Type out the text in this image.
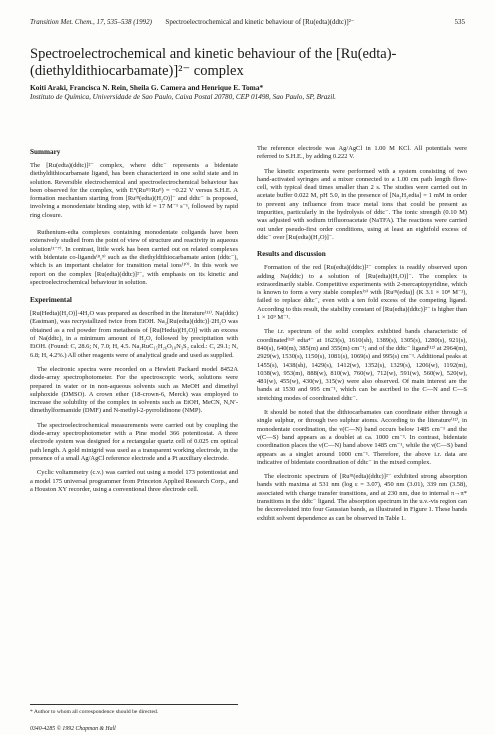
Transition Met. Chem., 17, 535–538 (1992) Spectroelectrochemical and kinetic behaviour of [Ru(edta)(ddtc)]²⁻	535
Spectroelectrochemical and kinetic behaviour of the [Ru(edta)-(diethyldithiocarbamate)]²⁻ complex
Koiti Araki, Francisca N. Rein, Sheila G. Camera and Henrique E. Toma*
Instituto de Química, Universidade de Sao Paulo, Caixa Postal 20780, CEP 01498, Sao Paulo, SP, Brazil.
Summary

The [Ru(edta)(ddtc)]²⁻ complex, where ddtc⁻ represents a bidentate diethyldithiocarbamate ligand, has been characterized in one solid state and in solution. Reversible electrochemical and spectroelectrochemical behaviour has been observed for the complex, with E°(Ruᴵᴵᴵ/Ruᴵᴵ) = −0.22 V versus S.H.E. A formation mechanism starting from [Ruᴵᴵᴵ(edta)(H₂O)]⁻ and ddtc⁻ is proposed, involving a monodentate binding step, with kf = 17 M⁻¹ s⁻¹, followed by rapid ring closure.

Ruthenium-edta complexes containing monodentate coligands have been extensively studied from the point of view of structure and reactivity in aqueous solution⁽¹⁻⁷⁾. In contrast, little work has been carried out on related complexes with bidentate co-ligands⁽⁸,⁹⁾ such as the diethyldithiocarbamate anion (ddtc⁻), which is an important chelator for transition metal ions⁽¹⁰⁾. In this work we report on the complex [Ru(edta)(ddtc)]²⁻, with emphasis on its kinetic and spectroelectrochemical behaviour in solution.

Experimental

[Ru(Hedta)(H₂O)]·4H₂O was prepared as described in the literature⁽¹¹⁾. Na(ddtc) (Eastman), was recrystallized twice from EtOH. Na₂[Ru(edta)(ddtc)]·2H₂O was obtained as a red powder from metathesis of [Ru(Hedta)(H₂O)] with an excess of Na(ddtc), in a minimum amount of H₂O, followed by precipitation with EtOH. (Found: C, 28.6; N, 7.0; H, 4.5. Na₂RuC₁₅H₂₆O₁₀N₃S₂ calcd.: C, 29.1; N, 6.8; H, 4.2%.) All other reagents were of analytical grade and used as supplied.

The electronic spectra were recorded on a Hewlett Packard model 8452A diode-array spectrophotometer. For the spectroscopic work, solutions were prepared in water or in non-aqueous solvents such as MeOH and dimethyl sulphoxide (DMSO). A crown ether (18-crown-6, Merck) was employed to increase the solubility of the complex in solvents such as EtOH, MeCN, N,N′-dimethylformamide (DMF) and N-methyl-2-pyrrolidinone (NMP).

The spectroelectrochemical measurements were carried out by coupling the diode-array spectrophotometer with a Pine model 366 potentiostat. A three electrode system was designed for a rectangular quartz cell of 0.025 cm optical path length. A gold minigrid was used as a transparent working electrode, in the presence of a small Ag/AgCl reference electrode and a Pt auxiliary electrode.

Cyclic voltammetry (c.v.) was carried out using a model 173 potentiostat and a model 175 universal programmer from Princeton Applied Research Corp., and a Houston XY recorder, using a conventional three electrode cell.

* Author to whom all correspondence should be directed.
0340-4285 © 1992 Chapman & Hall

The reference electrode was Ag/AgCl in 1.00 M KCl. All potentials were referred to S.H.E., by adding 0.222 V.

The kinetic experiments were performed with a system consisting of two hand-activated syringes and a mixer connected to a 1.00 cm path length flow-cell, with typical dead times smaller than 2 s. The studies were carried out in acetate buffer 0.022 M, pH 5.0, in the presence of [Na₂H₂edta] = 1 mM in order to prevent any influence from trace metal ions that could be present as impurities, particularly in the hydrolysis of ddtc⁻. The ionic strength (0.10 M) was adjusted with sodium trifluoroacetate (NaTFA). The reactions were carried out under pseudo-first order conditions, using at least an eightfold excess of ddtc⁻ over [Ru(edta)(H₂O)]⁻.

Results and discussion

Formation of the red [Ru(edta)(ddtc)]²⁻ complex is readily observed upon adding Na(ddtc) to a solution of [Ru(edta)(H₂O)]⁻. The complex is extraordinarily stable. Competitive experiments with 2-mercaptopyridine, which is known to form a very stable complex⁽⁹⁾ with [Ruᴵᴵᴵ(edta)] (K 3.1 × 10⁸ M⁻¹), failed to replace ddtc⁻, even with a ten fold excess of the competing ligand. According to this result, the stability constant of [Ru(edta)(ddtc)]²⁻ is higher than 1 × 10⁹ M⁻¹.

The i.r. spectrum of the solid complex exhibited bands characteristic of coordinated⁽¹²⁾ edta⁴⁻ at 1623(s), 1610(sh), 1389(s), 1305(s), 1280(s), 921(s), 840(s), 640(m), 385(m) and 355(m) cm⁻¹; and of the ddtc⁻ ligand⁽¹²⁾ at 2964(m), 2929(w), 1530(s), 1150(s), 1081(s), 1069(s) and 995(s) cm⁻¹. Additional peaks at 1455(s), 1438(sh), 1429(s), 1412(w), 1352(s), 1329(s), 1206(w), 1192(m), 1038(w), 953(m), 888(w), 810(w), 760(w), 712(w), 591(w), 560(w), 520(w), 481(w), 455(w), 430(w), 315(w) were also observed. Of main interest are the bands at 1530 and 995 cm⁻¹, which can be ascribed to the C—N and C—S stretching modes of coordinated ddtc⁻.

It should be noted that the dithiocarbamates can coordinate either through a single sulphur, or through two sulphur atoms. According to the literature⁽¹²⁾, in monodentate coordination, the ν(C—N) band occurs below 1485 cm⁻¹ and the ν(C—S) band appears as a doublet at ca. 1000 cm⁻¹. In contrast, bidentate coordination places the ν(C—N) band above 1485 cm⁻¹, while the ν(C—S) band appears as a singlet around 1000 cm⁻¹. Therefore, the above i.r. data are indicative of bidentate coordination of ddtc⁻ in the mixed complex.

The electronic spectrum of [Ruᴵᴵᴵ(edta)(ddtc)]²⁻ exhibited strong absorption bands with maxima at 531 nm (log ε = 3.07), 450 nm (3.01), 339 nm (3.58), associated with charge transfer transitions, and at 230 nm, due to internal π→π* transitions in the ddtc⁻ ligand. The absorption spectrum in the u.v.-vis region can be deconvoluted into four Gaussian bands, as illustrated in Figure 1. These bands exhibit solvent dependence as can be observed in Table 1.
